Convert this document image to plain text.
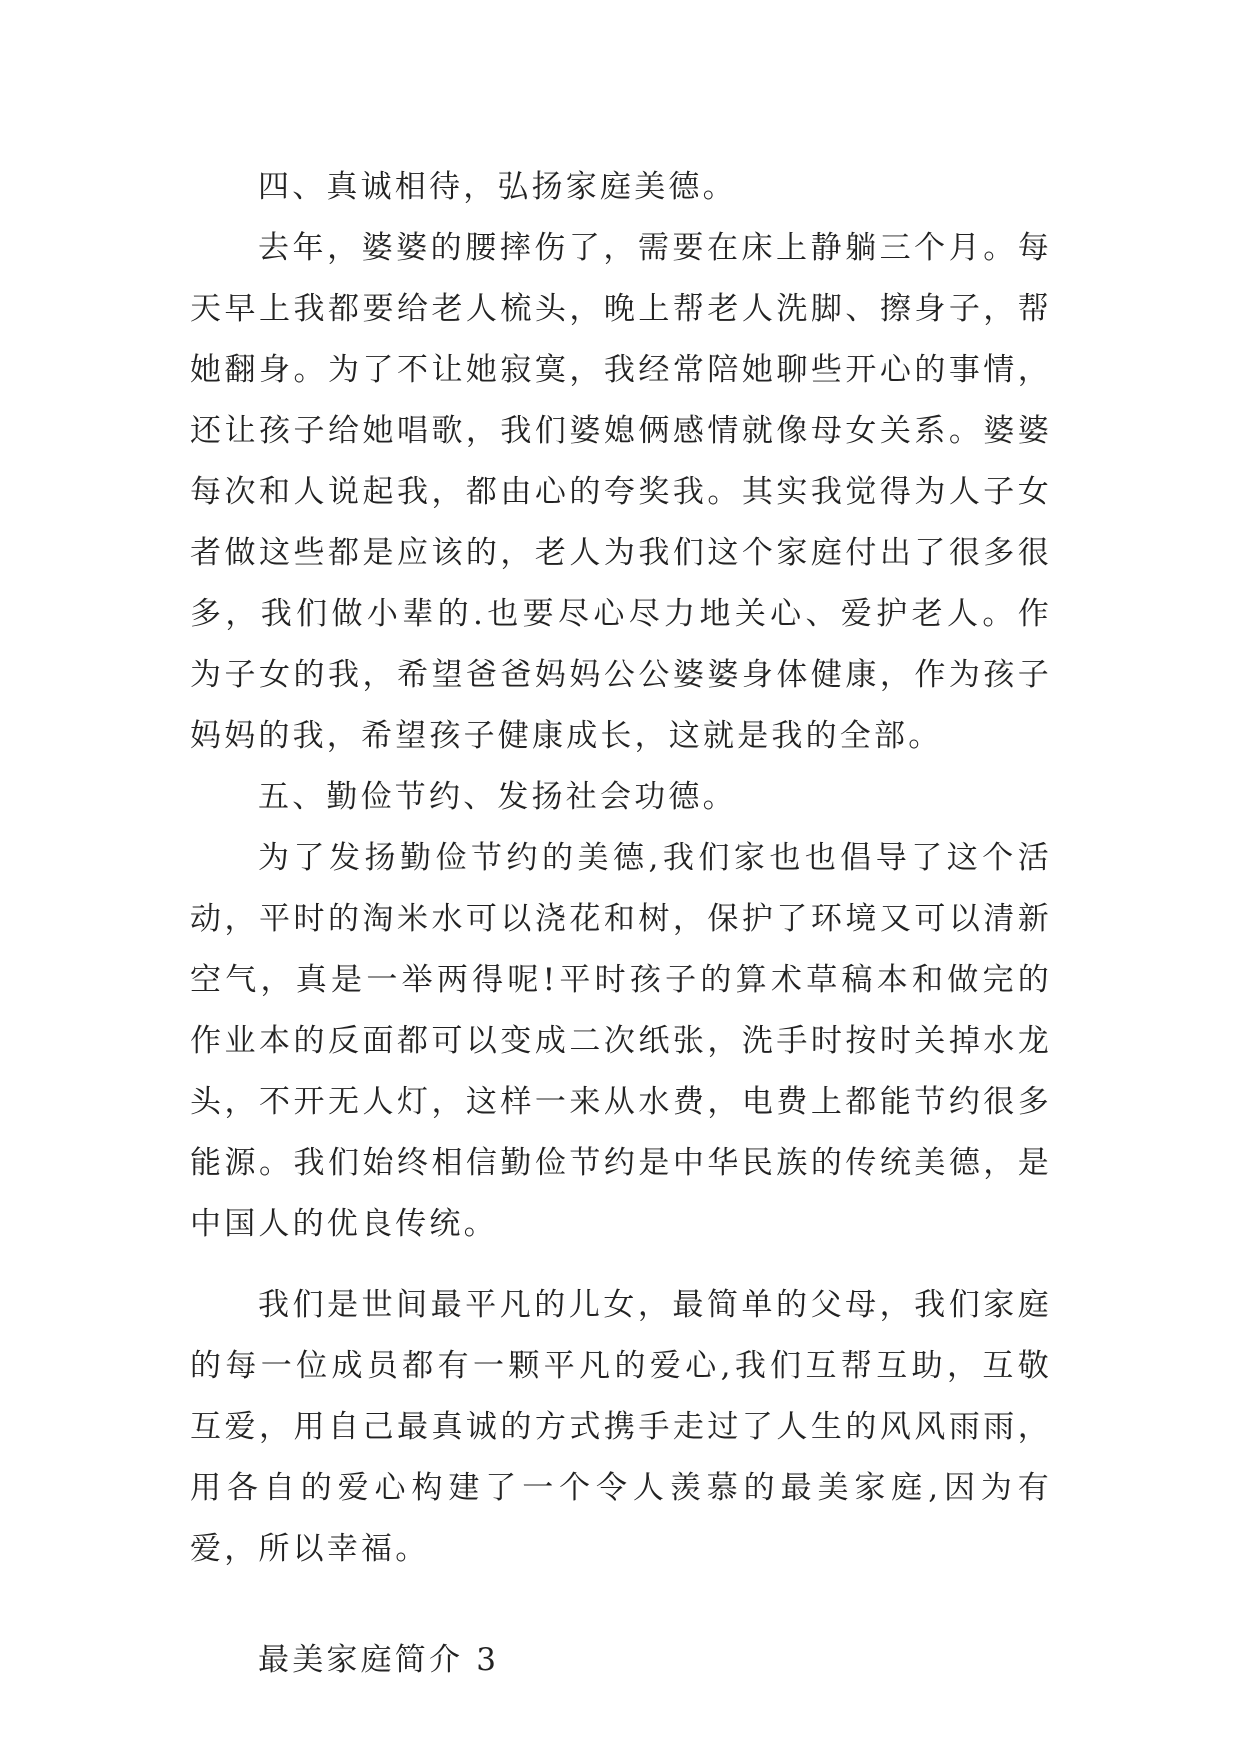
四、真诚相待，弘扬家庭美德。

去年，婆婆的腰摔伤了，需要在床上静躺三个月。每天早上我都要给老人梳头，晚上帮老人洗脚、擦身子，帮她翻身。为了不让她寂寞，我经常陪她聊些开心的事情，还让孩子给她唱歌，我们婆媳俩感情就像母女关系。婆婆每次和人说起我，都由心的夸奖我。其实我觉得为人子女者做这些都是应该的，老人为我们这个家庭付出了很多很多，我们做小辈的.也要尽心尽力地关心、爱护老人。作为子女的我，希望爸爸妈妈公公婆婆身体健康，作为孩子妈妈的我，希望孩子健康成长，这就是我的全部。

五、勤俭节约、发扬社会功德。

为了发扬勤俭节约的美德,我们家也也倡导了这个活动，平时的淘米水可以浇花和树，保护了环境又可以清新空气，真是一举两得呢!平时孩子的算术草稿本和做完的作业本的反面都可以变成二次纸张，洗手时按时关掉水龙头，不开无人灯，这样一来从水费，电费上都能节约很多能源。我们始终相信勤俭节约是中华民族的传统美德，是中国人的优良传统。

我们是世间最平凡的儿女，最简单的父母，我们家庭的每一位成员都有一颗平凡的爱心,我们互帮互助，互敬互爱，用自己最真诚的方式携手走过了人生的风风雨雨，用各自的爱心构建了一个令人羡慕的最美家庭,因为有爱，所以幸福。

最美家庭简介 3
